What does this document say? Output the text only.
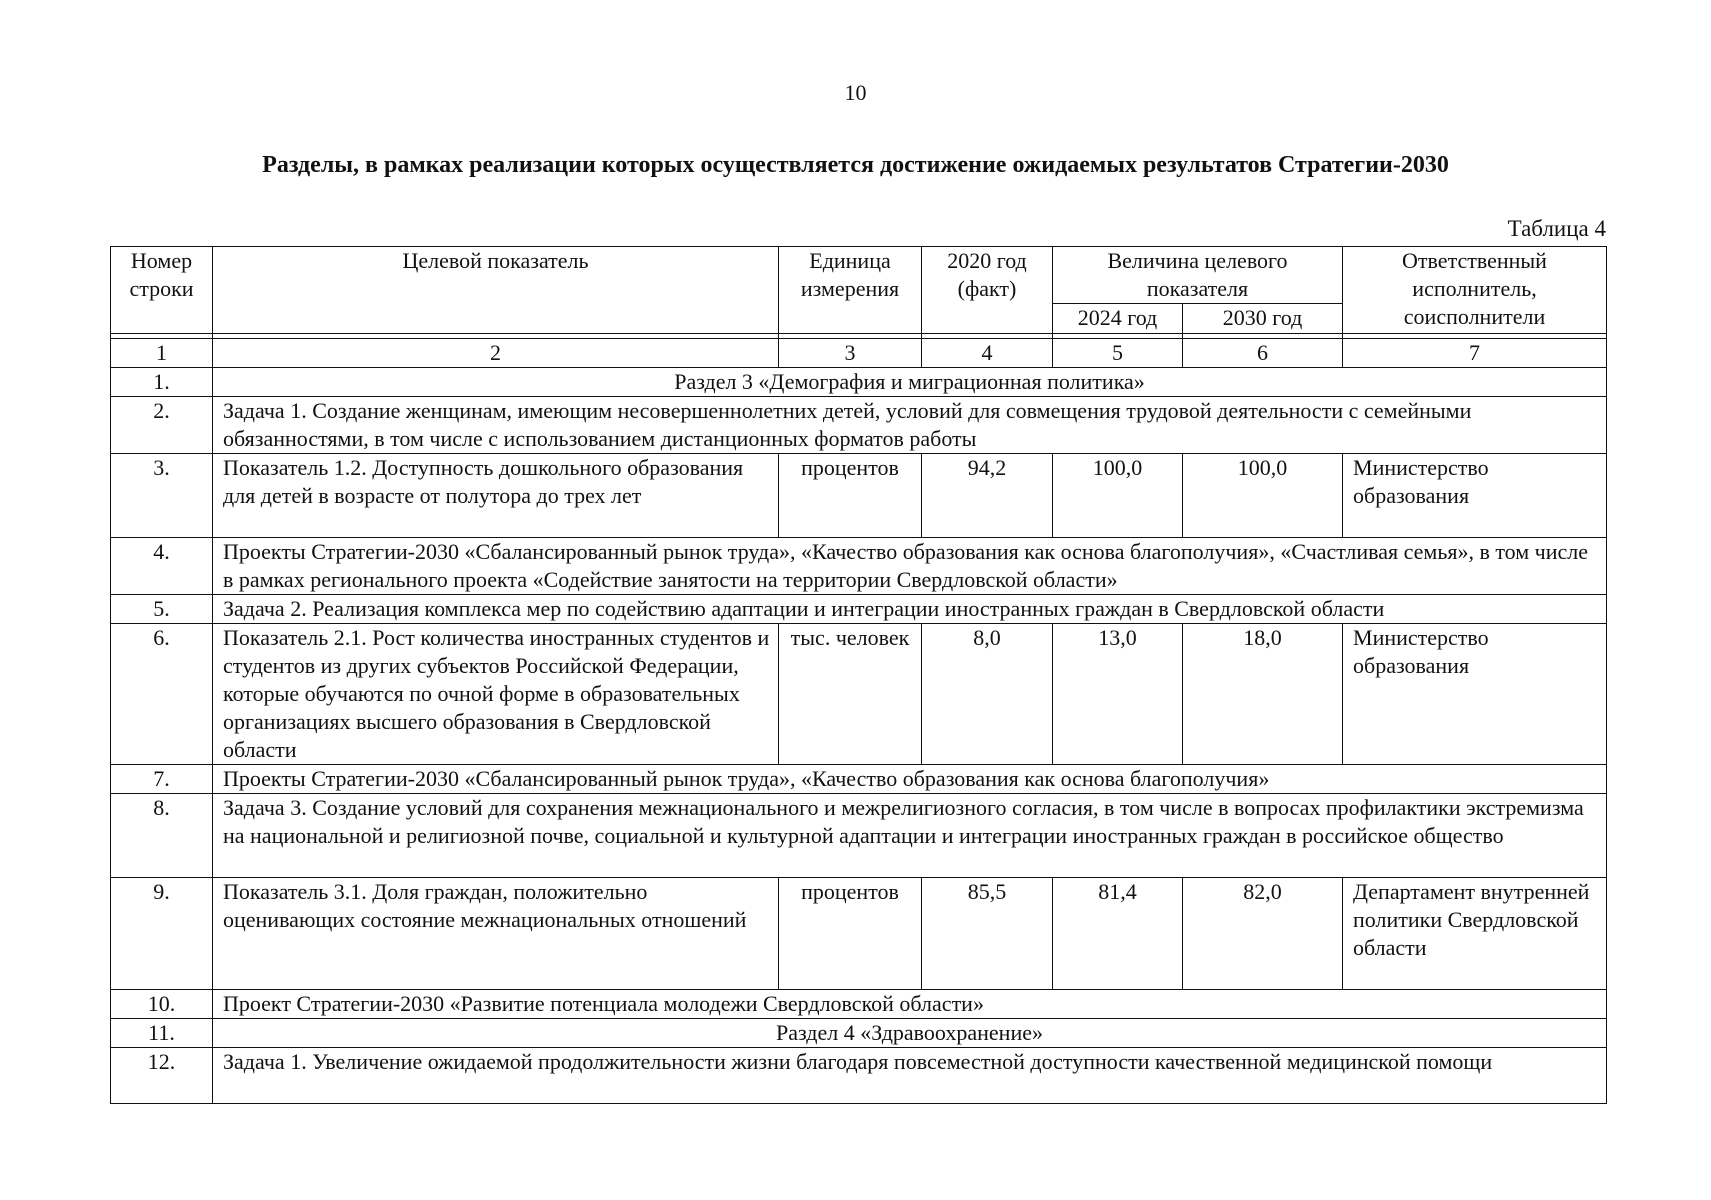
10
Разделы, в рамках реализации которых осуществляется достижение ожидаемых результатов Стратегии-2030
Таблица 4
Номер строки	Целевой показатель	Единица измерения	2020 год (факт)	Величина целевого показателя		Ответственный исполнитель, соисполнители
				2024 год	2030 год	

1	2	3	4	5	6	7
1.	Раздел 3 «Демография и миграционная политика»					
2.	Задача 1. Создание женщинам, имеющим несовершеннолетних детей, условий для совмещения трудовой деятельности с семейными обязанностями, в том числе с использованием дистанционных форматов работы					
3.	Показатель 1.2. Доступность дошкольного образования для детей в возрасте от полутора до трех лет	процентов	94,2	100,0	100,0	Министерство образования
4.	Проекты Стратегии-2030 «Сбалансированный рынок труда», «Качество образования как основа благополучия», «Счастливая семья», в том числе в рамках регионального проекта «Содействие занятости на территории Свердловской области»					
5.	Задача 2. Реализация комплекса мер по содействию адаптации и интеграции иностранных граждан в Свердловской области					
6.	Показатель 2.1. Рост количества иностранных студентов и студентов из других субъектов Российской Федерации, которые обучаются по очной форме в образовательных организациях высшего образования в Свердловской области	тыс. человек	8,0	13,0	18,0	Министерство образования
7.	Проекты Стратегии-2030 «Сбалансированный рынок труда», «Качество образования как основа благополучия»					
8.	Задача 3. Создание условий для сохранения межнационального и межрелигиозного согласия, в том числе в вопросах профилактики экстремизма на национальной и религиозной почве, социальной и культурной адаптации и интеграции иностранных граждан в российское общество					
9.	Показатель 3.1. Доля граждан, положительно оценивающих состояние межнациональных отношений	процентов	85,5	81,4	82,0	Департамент внутренней политики Свердловской области
10.	Проект Стратегии-2030 «Развитие потенциала молодежи Свердловской области»					
11.	Раздел 4 «Здравоохранение»					
12.	Задача 1. Увеличение ожидаемой продолжительности жизни благодаря повсеместной доступности качественной медицинской помощи					
